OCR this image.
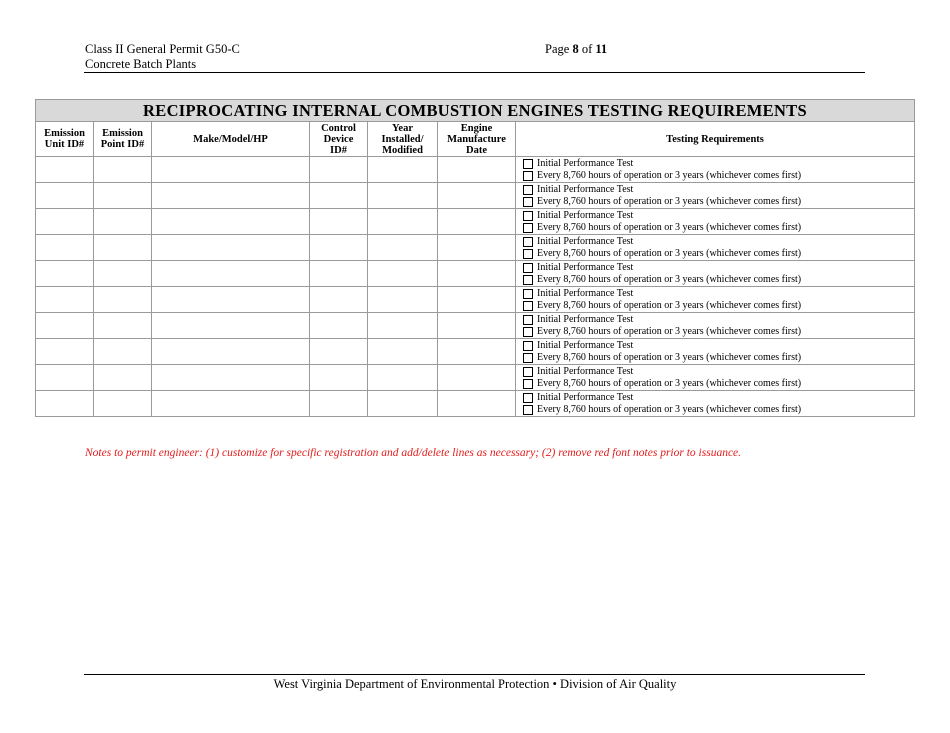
Class II General Permit G50-C
Concrete Batch Plants
Page 8 of 11
RECIPROCATING INTERNAL COMBUSTION ENGINES TESTING REQUIREMENTS						
Emission
Unit ID#	Emission
Point ID#	Make/Model/HP	Control
Device
ID#	Year
Installed/
Modified	Engine
Manufacture
Date	Testing Requirements

						Initial Performance Test
Every 8,760 hours of operation or 3 years (whichever comes first)

						Initial Performance Test
Every 8,760 hours of operation or 3 years (whichever comes first)

						Initial Performance Test
Every 8,760 hours of operation or 3 years (whichever comes first)

						Initial Performance Test
Every 8,760 hours of operation or 3 years (whichever comes first)

						Initial Performance Test
Every 8,760 hours of operation or 3 years (whichever comes first)

						Initial Performance Test
Every 8,760 hours of operation or 3 years (whichever comes first)

						Initial Performance Test
Every 8,760 hours of operation or 3 years (whichever comes first)

						Initial Performance Test
Every 8,760 hours of operation or 3 years (whichever comes first)

						Initial Performance Test
Every 8,760 hours of operation or 3 years (whichever comes first)

						Initial Performance Test
Every 8,760 hours of operation or 3 years (whichever comes first)
Notes to permit engineer: (1) customize for specific registration and add/delete lines as necessary; (2) remove red font notes prior to issuance.
West Virginia Department of Environmental Protection • Division of Air Quality
